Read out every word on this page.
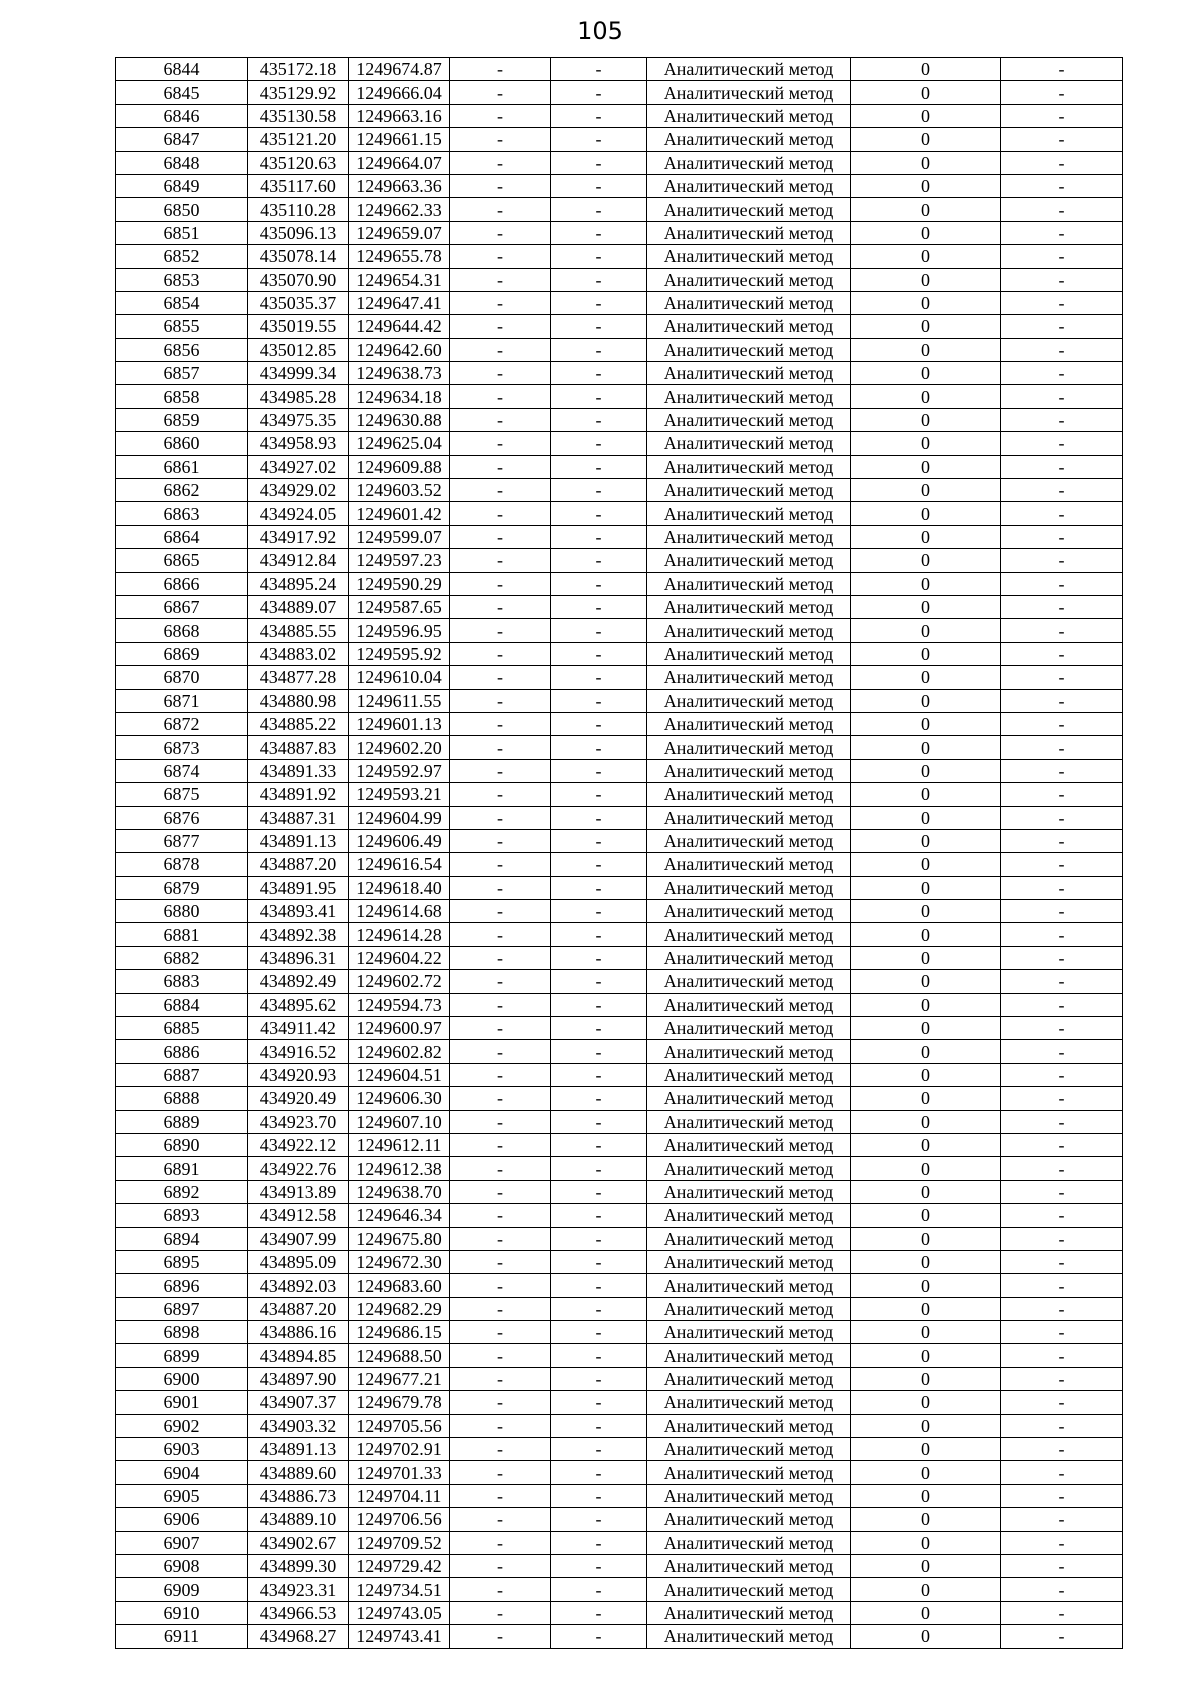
105
6844	435172.18	1249674.87	-	-	Аналитический метод	0	-
6845	435129.92	1249666.04	-	-	Аналитический метод	0	-
6846	435130.58	1249663.16	-	-	Аналитический метод	0	-
6847	435121.20	1249661.15	-	-	Аналитический метод	0	-
6848	435120.63	1249664.07	-	-	Аналитический метод	0	-
6849	435117.60	1249663.36	-	-	Аналитический метод	0	-
6850	435110.28	1249662.33	-	-	Аналитический метод	0	-
6851	435096.13	1249659.07	-	-	Аналитический метод	0	-
6852	435078.14	1249655.78	-	-	Аналитический метод	0	-
6853	435070.90	1249654.31	-	-	Аналитический метод	0	-
6854	435035.37	1249647.41	-	-	Аналитический метод	0	-
6855	435019.55	1249644.42	-	-	Аналитический метод	0	-
6856	435012.85	1249642.60	-	-	Аналитический метод	0	-
6857	434999.34	1249638.73	-	-	Аналитический метод	0	-
6858	434985.28	1249634.18	-	-	Аналитический метод	0	-
6859	434975.35	1249630.88	-	-	Аналитический метод	0	-
6860	434958.93	1249625.04	-	-	Аналитический метод	0	-
6861	434927.02	1249609.88	-	-	Аналитический метод	0	-
6862	434929.02	1249603.52	-	-	Аналитический метод	0	-
6863	434924.05	1249601.42	-	-	Аналитический метод	0	-
6864	434917.92	1249599.07	-	-	Аналитический метод	0	-
6865	434912.84	1249597.23	-	-	Аналитический метод	0	-
6866	434895.24	1249590.29	-	-	Аналитический метод	0	-
6867	434889.07	1249587.65	-	-	Аналитический метод	0	-
6868	434885.55	1249596.95	-	-	Аналитический метод	0	-
6869	434883.02	1249595.92	-	-	Аналитический метод	0	-
6870	434877.28	1249610.04	-	-	Аналитический метод	0	-
6871	434880.98	1249611.55	-	-	Аналитический метод	0	-
6872	434885.22	1249601.13	-	-	Аналитический метод	0	-
6873	434887.83	1249602.20	-	-	Аналитический метод	0	-
6874	434891.33	1249592.97	-	-	Аналитический метод	0	-
6875	434891.92	1249593.21	-	-	Аналитический метод	0	-
6876	434887.31	1249604.99	-	-	Аналитический метод	0	-
6877	434891.13	1249606.49	-	-	Аналитический метод	0	-
6878	434887.20	1249616.54	-	-	Аналитический метод	0	-
6879	434891.95	1249618.40	-	-	Аналитический метод	0	-
6880	434893.41	1249614.68	-	-	Аналитический метод	0	-
6881	434892.38	1249614.28	-	-	Аналитический метод	0	-
6882	434896.31	1249604.22	-	-	Аналитический метод	0	-
6883	434892.49	1249602.72	-	-	Аналитический метод	0	-
6884	434895.62	1249594.73	-	-	Аналитический метод	0	-
6885	434911.42	1249600.97	-	-	Аналитический метод	0	-
6886	434916.52	1249602.82	-	-	Аналитический метод	0	-
6887	434920.93	1249604.51	-	-	Аналитический метод	0	-
6888	434920.49	1249606.30	-	-	Аналитический метод	0	-
6889	434923.70	1249607.10	-	-	Аналитический метод	0	-
6890	434922.12	1249612.11	-	-	Аналитический метод	0	-
6891	434922.76	1249612.38	-	-	Аналитический метод	0	-
6892	434913.89	1249638.70	-	-	Аналитический метод	0	-
6893	434912.58	1249646.34	-	-	Аналитический метод	0	-
6894	434907.99	1249675.80	-	-	Аналитический метод	0	-
6895	434895.09	1249672.30	-	-	Аналитический метод	0	-
6896	434892.03	1249683.60	-	-	Аналитический метод	0	-
6897	434887.20	1249682.29	-	-	Аналитический метод	0	-
6898	434886.16	1249686.15	-	-	Аналитический метод	0	-
6899	434894.85	1249688.50	-	-	Аналитический метод	0	-
6900	434897.90	1249677.21	-	-	Аналитический метод	0	-
6901	434907.37	1249679.78	-	-	Аналитический метод	0	-
6902	434903.32	1249705.56	-	-	Аналитический метод	0	-
6903	434891.13	1249702.91	-	-	Аналитический метод	0	-
6904	434889.60	1249701.33	-	-	Аналитический метод	0	-
6905	434886.73	1249704.11	-	-	Аналитический метод	0	-
6906	434889.10	1249706.56	-	-	Аналитический метод	0	-
6907	434902.67	1249709.52	-	-	Аналитический метод	0	-
6908	434899.30	1249729.42	-	-	Аналитический метод	0	-
6909	434923.31	1249734.51	-	-	Аналитический метод	0	-
6910	434966.53	1249743.05	-	-	Аналитический метод	0	-
6911	434968.27	1249743.41	-	-	Аналитический метод	0	-
